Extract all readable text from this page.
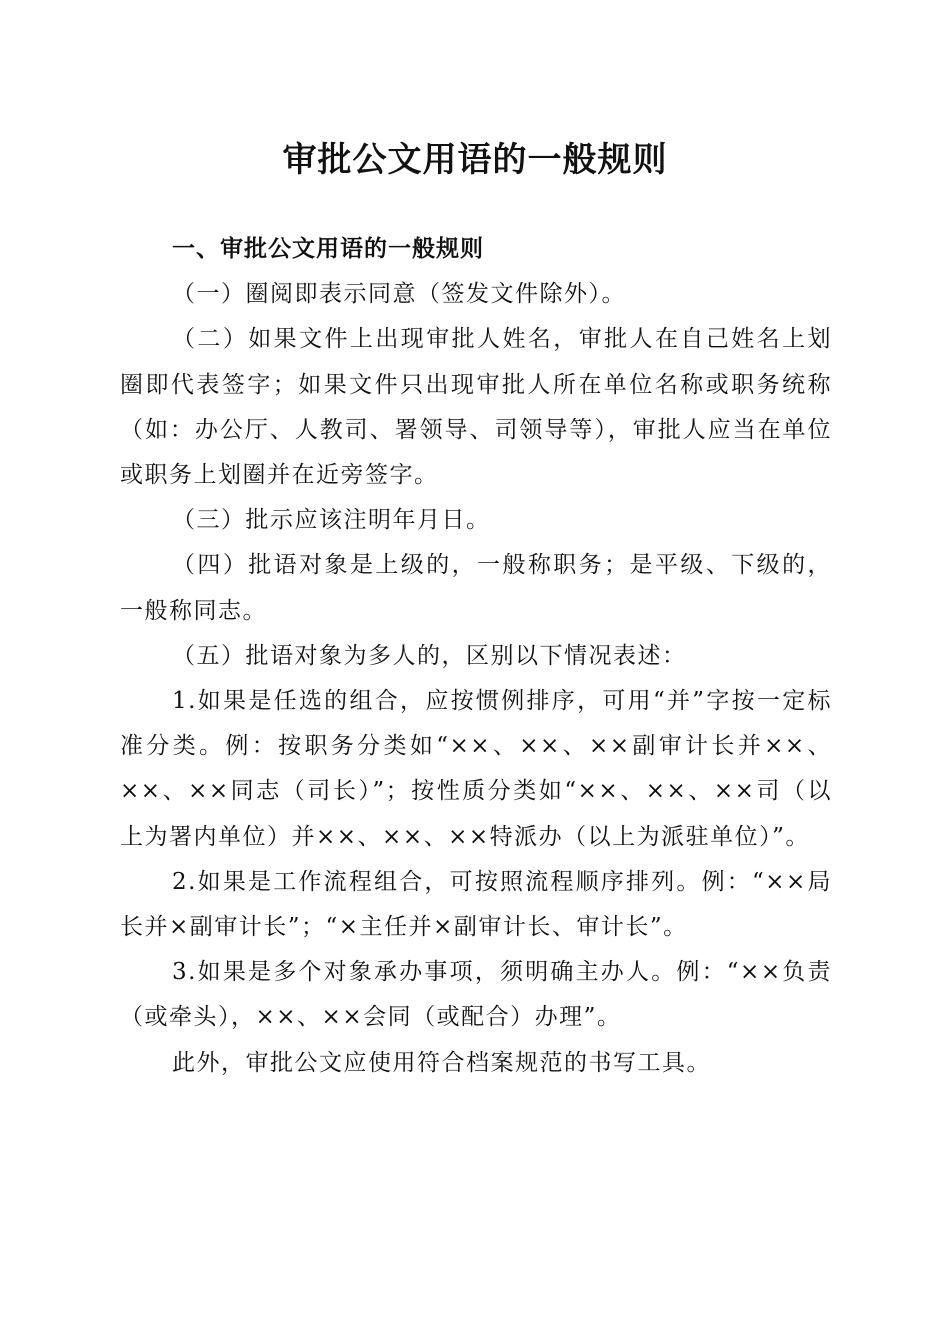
审批公文用语的一般规则

一、审批公文用语的一般规则

（一）圈阅即表示同意（签发文件除外）。

（二）如果文件上出现审批人姓名，审批人在自己姓名上划圈即代表签字；如果文件只出现审批人所在单位名称或职务统称（如：办公厅、人教司、署领导、司领导等），审批人应当在单位或职务上划圈并在近旁签字。

（三）批示应该注明年月日。

（四）批语对象是上级的，一般称职务；是平级、下级的，一般称同志。

（五）批语对象为多人的，区别以下情况表述：

1.如果是任选的组合，应按惯例排序，可用“并”字按一定标准分类。例：按职务分类如“××、××、××副审计长并××、××、××同志（司长）”；按性质分类如“××、××、××司（以上为署内单位）并××、××、××特派办（以上为派驻单位）”。

2.如果是工作流程组合，可按照流程顺序排列。例：“××局长并×副审计长”；“×主任并×副审计长、审计长”。

3.如果是多个对象承办事项，须明确主办人。例：“××负责（或牵头），××、××会同（或配合）办理”。

此外，审批公文应使用符合档案规范的书写工具。
